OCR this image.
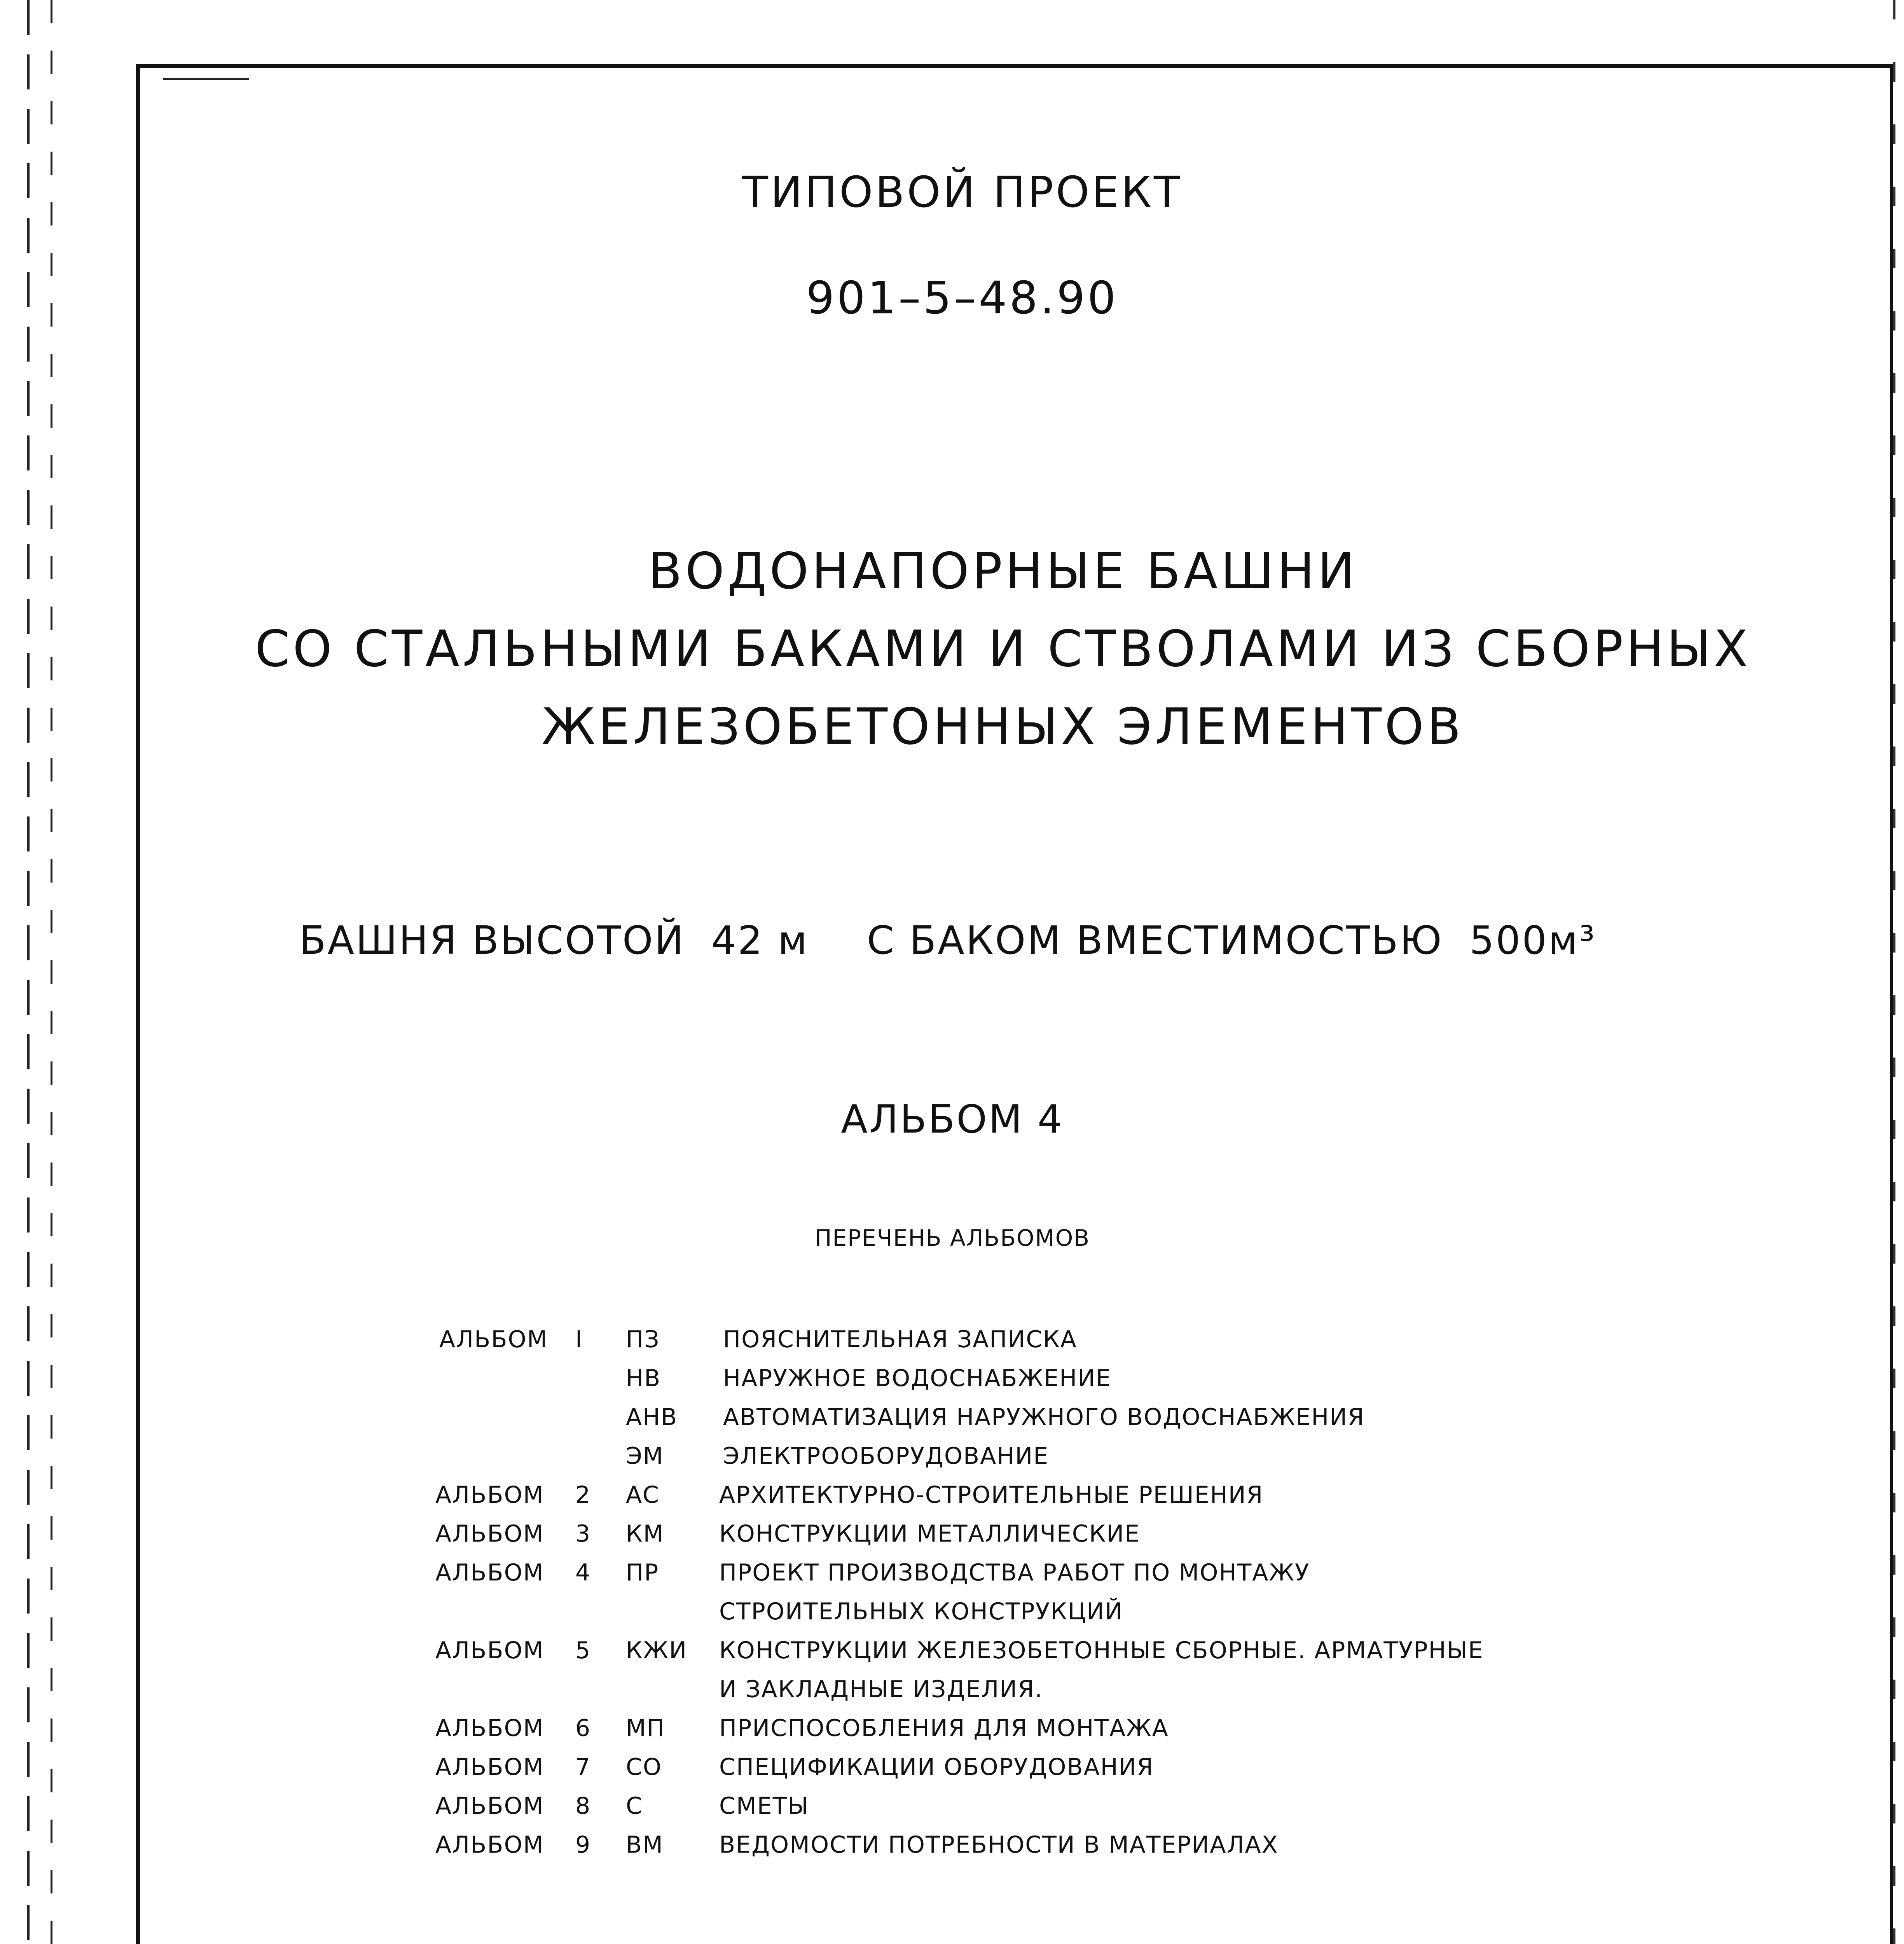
ТИПОВОЙ ПРОЕКТ
901–5–48.90
ВОДОНАПОРНЫЕ БАШНИ
СО СТАЛЬНЫМИ БАКАМИ И СТВОЛАМИ ИЗ СБОРНЫХ
ЖЕЛЕЗОБЕТОННЫХ ЭЛЕМЕНТОВ
БАШНЯ ВЫСОТОЙ 42 м С БАКОМ ВМЕСТИМОСТЬЮ 500м³
АЛЬБОМ 4
ПЕРЕЧЕНЬ АЛЬБОМОВ
АЛЬБОМ I ПЗ	ПОЯСНИТЕЛЬНАЯ ЗАПИСКА
НВ	НАРУЖНОЕ ВОДОСНАБЖЕНИЕ
АНВ АВТОМАТИЗАЦИЯ НАРУЖНОГО ВОДОСНАБЖЕНИЯ
ЭМ	ЭЛЕКТРООБОРУДОВАНИЕ
АЛЬБОМ 2 АС	АРХИТЕКТУРНО-СТРОИТЕЛЬНЫЕ РЕШЕНИЯ
АЛЬБОМ 3 КМ КОНСТРУКЦИИ МЕТАЛЛИЧЕСКИЕ
АЛЬБОМ 4 ПР	ПРОЕКТ ПРОИЗВОДСТВА РАБОТ ПО МОНТАЖУ
СТРОИТЕЛЬНЫХ КОНСТРУКЦИЙ
АЛЬБОМ 5 КЖИ КОНСТРУКЦИИ ЖЕЛЕЗОБЕТОННЫЕ СБОРНЫЕ. АРМАТУРНЫЕ
И ЗАКЛАДНЫЕ ИЗДЕЛИЯ.
АЛЬБОМ 6 МП ПРИСПОСОБЛЕНИЯ ДЛЯ МОНТАЖА
АЛЬБОМ 7 СО СПЕЦИФИКАЦИИ ОБОРУДОВАНИЯ
АЛЬБОМ 8 С	СМЕТЫ
АЛЬБОМ 9 ВМ ВЕДОМОСТИ ПОТРЕБНОСТИ В МАТЕРИАЛАХ
